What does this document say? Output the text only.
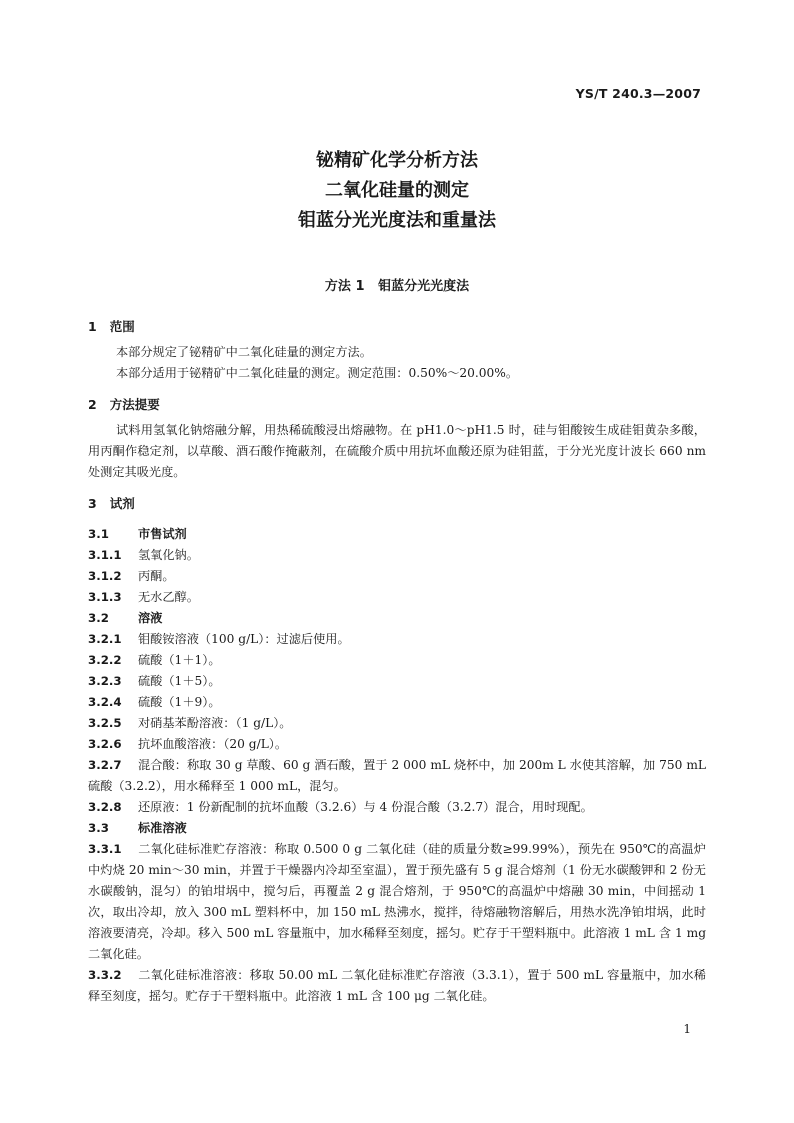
YS/T 240.3—2007
铋精矿化学分析方法
二氧化硅量的测定
钼蓝分光光度法和重量法
方法 1   钼蓝分光光度法

1   范围

本部分规定了铋精矿中二氧化硅量的测定方法。

本部分适用于铋精矿中二氧化硅量的测定。测定范围：0.50%～20.00%。

2   方法提要

试料用氢氧化钠熔融分解，用热稀硫酸浸出熔融物。在 pH1.0～pH1.5 时，硅与钼酸铵生成硅钼黄杂多酸，用丙酮作稳定剂，以草酸、酒石酸作掩蔽剂，在硫酸介质中用抗坏血酸还原为硅钼蓝，于分光光度计波长 660 nm 处测定其吸光度。

3   试剂

3.1 市售试剂

3.1.1 氢氧化钠。

3.1.2 丙酮。

3.1.3 无水乙醇。

3.2 溶液

3.2.1 钼酸铵溶液（100 g/L）：过滤后使用。

3.2.2 硫酸（1＋1）。

3.2.3 硫酸（1＋5）。

3.2.4 硫酸（1＋9）。

3.2.5 对硝基苯酚溶液：（1 g/L）。

3.2.6 抗坏血酸溶液：（20 g/L）。

3.2.7 混合酸：称取 30 g 草酸、60 g 酒石酸，置于 2 000 mL 烧杯中，加 200m L 水使其溶解，加 750 mL 硫酸（3.2.2），用水稀释至 1 000 mL，混匀。

3.2.8 还原液：1 份新配制的抗坏血酸（3.2.6）与 4 份混合酸（3.2.7）混合，用时现配。

3.3 标准溶液

3.3.1 二氧化硅标准贮存溶液：称取 0.500 0 g 二氧化硅（硅的质量分数≥99.99%），预先在 950℃的高温炉中灼烧 20 min～30 min，并置于干燥器内冷却至室温），置于预先盛有 5 g 混合熔剂（1 份无水碳酸钾和 2 份无水碳酸钠，混匀）的铂坩埚中，搅匀后，再覆盖 2 g 混合熔剂，于 950℃的高温炉中熔融 30 min，中间摇动 1 次，取出冷却，放入 300 mL 塑料杯中，加 150 mL 热沸水，搅拌，待熔融物溶解后，用热水洗净铂坩埚，此时溶液要清亮，冷却。移入 500 mL 容量瓶中，加水稀释至刻度，摇匀。贮存于干塑料瓶中。此溶液 1 mL 含 1 mg 二氧化硅。

3.3.2 二氧化硅标准溶液：移取 50.00 mL 二氧化硅标准贮存溶液（3.3.1），置于 500 mL 容量瓶中，加水稀释至刻度，摇匀。贮存于干塑料瓶中。此溶液 1 mL 含 100 μg 二氧化硅。

1
